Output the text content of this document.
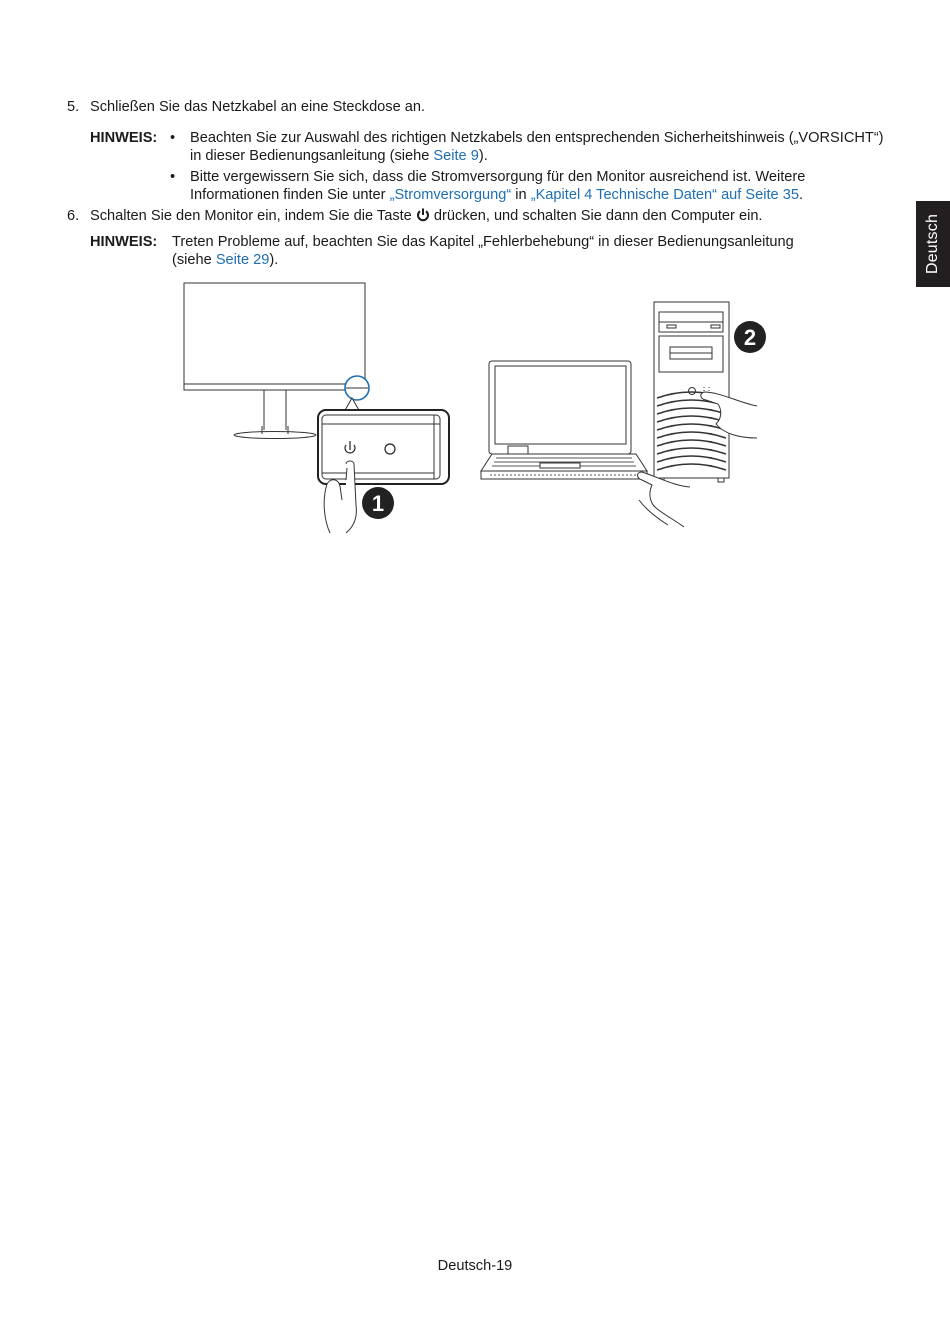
Deutsch
5. Schließen Sie das Netzkabel an eine Steckdose an.
HINWEIS: • Beachten Sie zur Auswahl des richtigen Netzkabels den entsprechenden Sicherheitshinweis („VORSICHT“)
in dieser Bedienungsanleitung (siehe Seite 9).
• Bitte vergewissern Sie sich, dass die Stromversorgung für den Monitor ausreichend ist. Weitere
Informationen finden Sie unter „Stromversorgung“ in „Kapitel 4 Technische Daten“ auf Seite 35.
6. Schalten Sie den Monitor ein, indem Sie die Taste  drücken, und schalten Sie dann den Computer ein.
HINWEIS: Treten Probleme auf, beachten Sie das Kapitel „Fehlerbehebung“ in dieser Bedienungsanleitung
(siehe Seite 29).
1
2
Deutsch-19
